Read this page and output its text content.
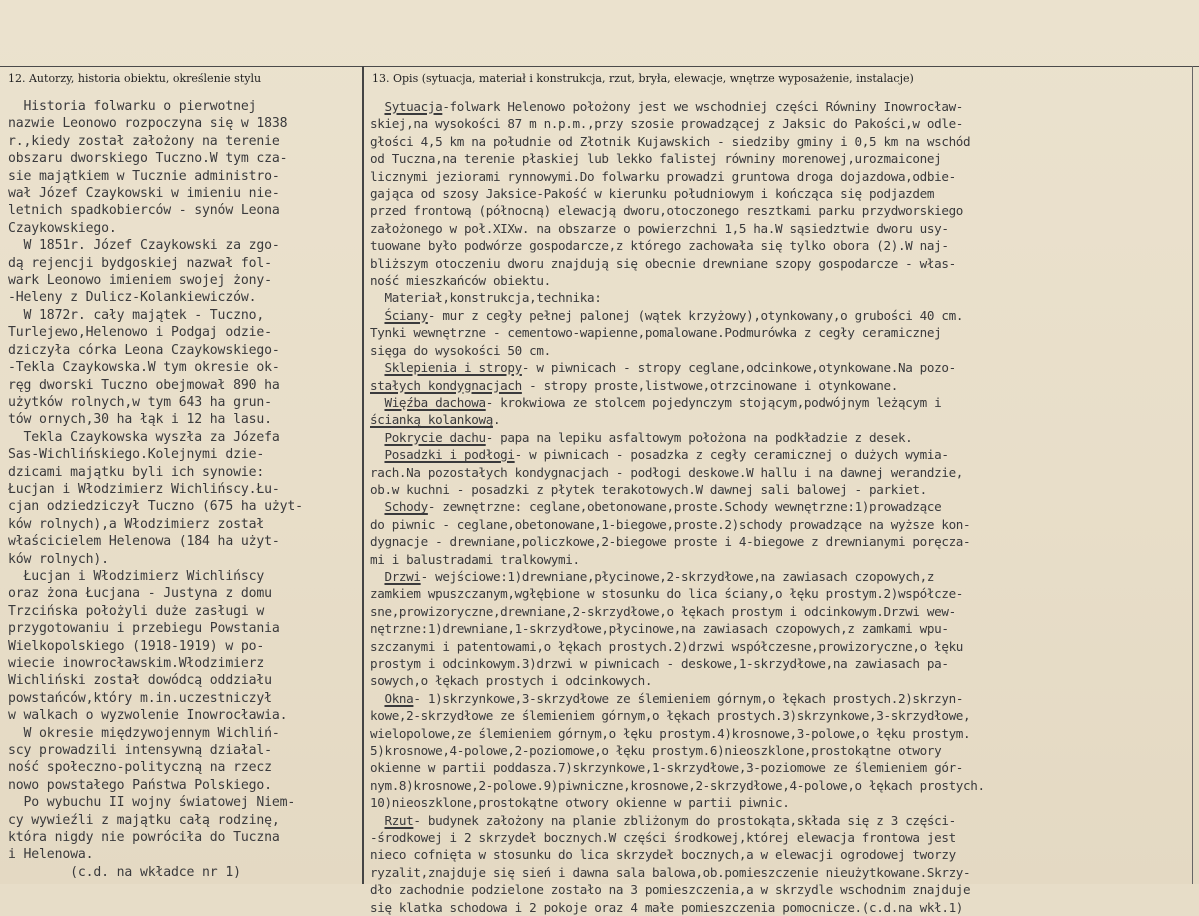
12. Autorzy, historia obiektu, określenie stylu	13. Opis (sytuacja, materiał i konstrukcja, rzut, bryła, elewacje, wnętrze wyposażenie, instalacje)
Historia folwarku o pierwotnej
nazwie Leonowo rozpoczyna się w 1838
r.,kiedy został założony na terenie
obszaru dworskiego Tuczno.W tym cza-
sie majątkiem w Tucznie administro-
wał Józef Czaykowski w imieniu nie-
letnich spadkobierców - synów Leona
Czaykowskiego.
W 1851r. Józef Czaykowski za zgo-
dą rejencji bydgoskiej nazwał fol-
wark Leonowo imieniem swojej żony-
-Heleny z Dulicz-Kolankiewiczów.
W 1872r. cały majątek - Tuczno,
Turlejewo,Helenowo i Podgaj odzie-
dziczyła córka Leona Czaykowskiego-
-Tekla Czaykowska.W tym okresie ok-
ręg dworski Tuczno obejmował 890 ha
użytków rolnych,w tym 643 ha grun-
tów ornych,30 ha łąk i 12 ha lasu.
Tekla Czaykowska wyszła za Józefa
Sas-Wichlińskiego.Kolejnymi dzie-
dzicami majątku byli ich synowie:
Łucjan i Włodzimierz Wichlińscy.Łu-
cjan odziedziczył Tuczno (675 ha użyt-
ków rolnych),a Włodzimierz został
właścicielem Helenowa (184 ha użyt-
ków rolnych).
Łucjan i Włodzimierz Wichlińscy
oraz żona Łucjana - Justyna z domu
Trzcińska położyli duże zasługi w
przygotowaniu i przebiegu Powstania
Wielkopolskiego (1918-1919) w po-
wiecie inowrocławskim.Włodzimierz
Wichliński został dowódcą oddziału
powstańców,który m.in.uczestniczył
w walkach o wyzwolenie Inowrocławia.
W okresie międzywojennym Wichliń-
scy prowadzili intensywną działal-
ność społeczno-polityczną na rzecz
nowo powstałego Państwa Polskiego.
Po wybuchu II wojny światowej Niem-
cy wywieźli z majątku całą rodzinę,
która nigdy nie powróciła do Tuczna
i Helenowa.
(c.d. na wkładce nr 1)
Sytuacja-folwark Helenowo położony jest we wschodniej części Równiny Inowrocław-
skiej,na wysokości 87 m n.p.m.,przy szosie prowadzącej z Jaksic do Pakości,w odle-
głości 4,5 km na południe od Złotnik Kujawskich - siedziby gminy i 0,5 km na wschód
od Tuczna,na terenie płaskiej lub lekko falistej równiny morenowej,urozmaiconej
licznymi jeziorami rynnowymi.Do folwarku prowadzi gruntowa droga dojazdowa,odbie-
gająca od szosy Jaksice-Pakość w kierunku południowym i kończąca się podjazdem
przed frontową (północną) elewacją dworu,otoczonego resztkami parku przydworskiego
założonego w poł.XIXw. na obszarze o powierzchni 1,5 ha.W sąsiedztwie dworu usy-
tuowane było podwórze gospodarcze,z którego zachowała się tylko obora (2).W naj-
bliższym otoczeniu dworu znajdują się obecnie drewniane szopy gospodarcze - włas-
ność mieszkańców obiektu.
Materiał,konstrukcja,technika:
Ściany- mur z cegły pełnej palonej (wątek krzyżowy),otynkowany,o grubości 40 cm.
Tynki wewnętrzne - cementowo-wapienne,pomalowane.Podmurówka z cegły ceramicznej
sięga do wysokości 50 cm.
Sklepienia i stropy- w piwnicach - stropy ceglane,odcinkowe,otynkowane.Na pozo-
stałych kondygnacjach - stropy proste,listwowe,otrzcinowane i otynkowane.
Więźba dachowa- krokwiowa ze stolcem pojedynczym stojącym,podwójnym leżącym i
ścianką kolankową.
Pokrycie dachu- papa na lepiku asfaltowym położona na podkładzie z desek.
Posadzki i podłogi- w piwnicach - posadzka z cegły ceramicznej o dużych wymia-
rach.Na pozostałych kondygnacjach - podłogi deskowe.W hallu i na dawnej werandzie,
ob.w kuchni - posadzki z płytek terakotowych.W dawnej sali balowej - parkiet.
Schody- zewnętrzne: ceglane,obetonowane,proste.Schody wewnętrzne:1)prowadzące
do piwnic - ceglane,obetonowane,1-biegowe,proste.2)schody prowadzące na wyższe kon-
dygnacje - drewniane,policzkowe,2-biegowe proste i 4-biegowe z drewnianymi poręcza-
mi i balustradami tralkowymi.
Drzwi- wejściowe:1)drewniane,płycinowe,2-skrzydłowe,na zawiasach czopowych,z
zamkiem wpuszczanym,wgłębione w stosunku do lica ściany,o łęku prostym.2)współcze-
sne,prowizoryczne,drewniane,2-skrzydłowe,o łękach prostym i odcinkowym.Drzwi wew-
nętrzne:1)drewniane,1-skrzydłowe,płycinowe,na zawiasach czopowych,z zamkami wpu-
szczanymi i patentowami,o łękach prostych.2)drzwi współczesne,prowizoryczne,o łęku
prostym i odcinkowym.3)drzwi w piwnicach - deskowe,1-skrzydłowe,na zawiasach pa-
sowych,o łękach prostych i odcinkowych.
Okna- 1)skrzynkowe,3-skrzydłowe ze ślemieniem górnym,o łękach prostych.2)skrzyn-
kowe,2-skrzydłowe ze ślemieniem górnym,o łękach prostych.3)skrzynkowe,3-skrzydłowe,
wielopolowe,ze ślemieniem górnym,o łęku prostym.4)krosnowe,3-polowe,o łęku prostym.
5)krosnowe,4-polowe,2-poziomowe,o łęku prostym.6)nieoszklone,prostokątne otwory
okienne w partii poddasza.7)skrzynkowe,1-skrzydłowe,3-poziomowe ze ślemieniem gór-
nym.8)krosnowe,2-polowe.9)piwniczne,krosnowe,2-skrzydłowe,4-polowe,o łękach prostych.
10)nieoszklone,prostokątne otwory okienne w partii piwnic.
Rzut- budynek założony na planie zbliżonym do prostokąta,składa się z 3 części-
-środkowej i 2 skrzydeł bocznych.W części środkowej,której elewacja frontowa jest
nieco cofnięta w stosunku do lica skrzydeł bocznych,a w elewacji ogrodowej tworzy
ryzalit,znajduje się sień i dawna sala balowa,ob.pomieszczenie nieużytkowane.Skrzy-
dło zachodnie podzielone zostało na 3 pomieszczenia,a w skrzydle wschodnim znajduje
się klatka schodowa i 2 pokoje oraz 4 małe pomieszczenia pomocnicze.(c.d.na wkł.1)
